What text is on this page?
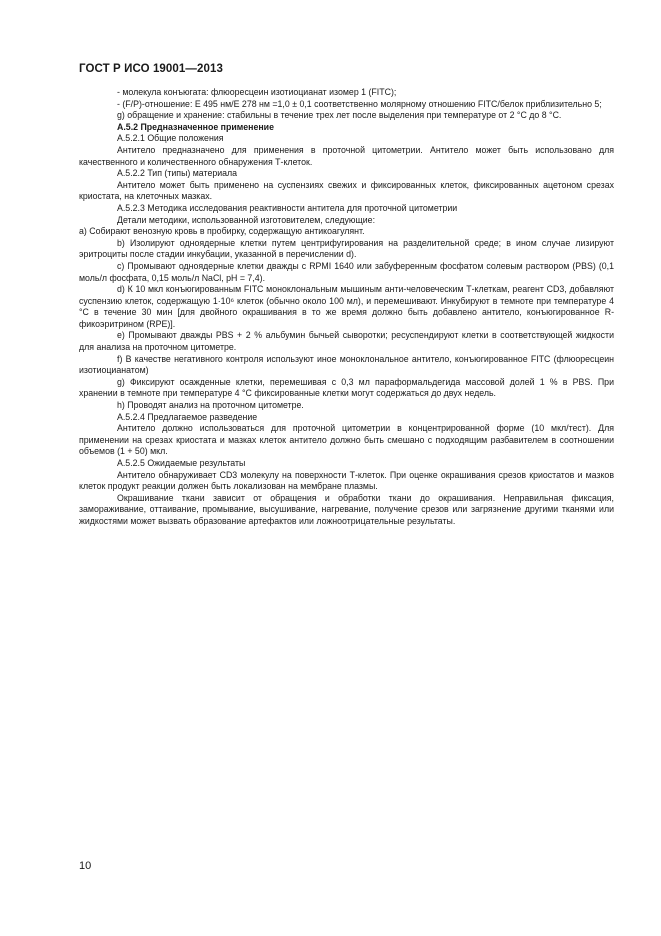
ГОСТ Р ИСО 19001—2013

- молекула конъюгата: флюоресцеин изотиоцианат изомер 1 (FITC);

- (F/P)-отношение: Е 495 нм/Е 278 нм =1,0 ± 0,1 соответственно молярному отношению FITC/белок приблизительно 5;

g) обращение и хранение: стабильны в течение трех лет после выделения при температуре от 2 °С до 8 °С.

А.5.2 Предназначенное применение

А.5.2.1 Общие положения

Антитело предназначено для применения в проточной цитометрии. Антитело может быть использовано для качественного и количественного обнаружения Т-клеток.

А.5.2.2 Тип (типы) материала

Антитело может быть применено на суспензиях свежих и фиксированных клеток, фиксированных ацетоном срезах криостата, на клеточных мазках.

А.5.2.3 Методика исследования реактивности антитела для проточной цитометрии

Детали методики, использованной изготовителем, следующие:

а) Собирают венозную кровь в пробирку, содержащую антикоагулянт.

b) Изолируют одноядерные клетки путем центрифугирования на разделительной среде; в ином случае лизируют эритроциты после стадии инкубации, указанной в перечислении d).

c) Промывают одноядерные клетки дважды с RPMI 1640 или забуференным фосфатом солевым раствором (PBS) (0,1 моль/л фосфата, 0,15 моль/л NaCl, рН = 7,4).

d) К 10 мкл конъюгированным FITC моноклональным мышиным анти-человеческим Т-клеткам, реагент CD3, добавляют суспензию клеток, содержащую 1·10⁶ клеток (обычно около 100 мл), и перемешивают. Инкубируют в темноте при температуре 4 °С в течение 30 мин [для двойного окрашивания в то же время должно быть добавлено антитело, конъюгированное R-фикоэритрином (RPE)].

e) Промывают дважды PBS + 2 % альбумин бычьей сыворотки; ресуспендируют клетки в соответствующей жидкости для анализа на проточном цитометре.

f) В качестве негативного контроля используют иное моноклональное антитело, конъюгированное FITC (флюоресцеин изотиоцианатом)

g) Фиксируют осажденные клетки, перемешивая с 0,3 мл параформальдегида массовой долей 1 % в PBS. При хранении в темноте при температуре 4 °С фиксированные клетки могут содержаться до двух недель.

h) Проводят анализ на проточном цитометре.

А.5.2.4 Предлагаемое разведение

Антитело должно использоваться для проточной цитометрии в концентрированной форме (10 мкл/тест). Для применении на срезах криостата и мазках клеток антитело должно быть смешано с подходящим разбавителем в соотношении объемов (1 + 50) мкл.

А.5.2.5 Ожидаемые результаты

Антитело обнаруживает CD3 молекулу на поверхности Т-клеток. При оценке окрашивания срезов криостатов и мазков клеток продукт реакции должен быть локализован на мембране плазмы.

Окрашивание ткани зависит от обращения и обработки ткани до окрашивания. Неправильная фиксация, замораживание, оттаивание, промывание, высушивание, нагревание, получение срезов или загрязнение другими тканями или жидкостями может вызвать образование артефактов или ложноотрицательные результаты.

10
